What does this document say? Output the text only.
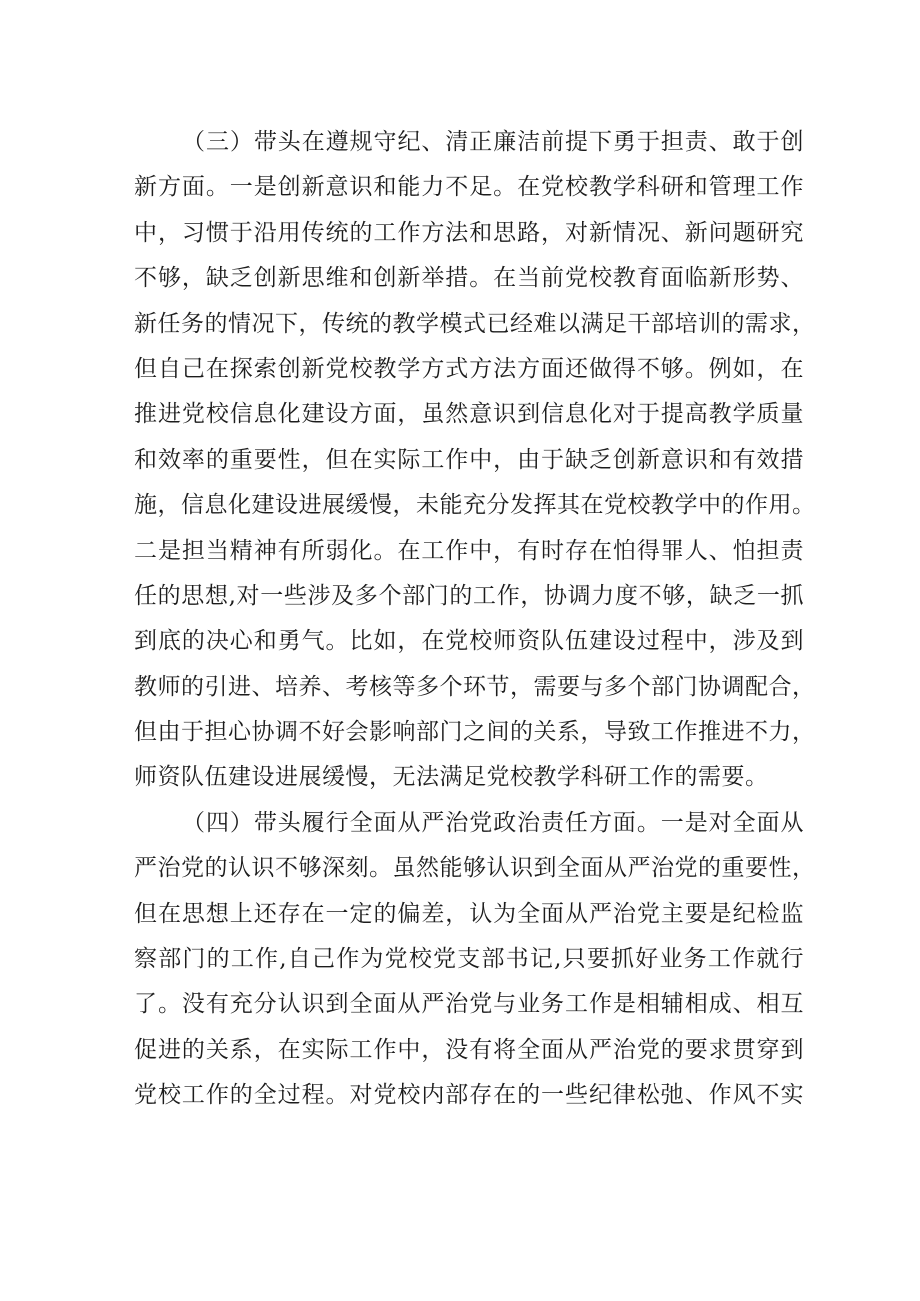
（三）带头在遵规守纪、清正廉洁前提下勇于担责、敢于创
新方面。一是创新意识和能力不足。在党校教学科研和管理工作
中，习惯于沿用传统的工作方法和思路，对新情况、新问题研究
不够，缺乏创新思维和创新举措。在当前党校教育面临新形势、
新任务的情况下，传统的教学模式已经难以满足干部培训的需求，
但自己在探索创新党校教学方式方法方面还做得不够。例如，在
推进党校信息化建设方面，虽然意识到信息化对于提高教学质量
和效率的重要性，但在实际工作中，由于缺乏创新意识和有效措
施，信息化建设进展缓慢，未能充分发挥其在党校教学中的作用。
二是担当精神有所弱化。在工作中，有时存在怕得罪人、怕担责
任的思想,对一些涉及多个部门的工作，协调力度不够，缺乏一抓
到底的决心和勇气。比如，在党校师资队伍建设过程中，涉及到
教师的引进、培养、考核等多个环节，需要与多个部门协调配合，
但由于担心协调不好会影响部门之间的关系，导致工作推进不力，
师资队伍建设进展缓慢，无法满足党校教学科研工作的需要。
（四）带头履行全面从严治党政治责任方面。一是对全面从
严治党的认识不够深刻。虽然能够认识到全面从严治党的重要性，
但在思想上还存在一定的偏差，认为全面从严治党主要是纪检监
察部门的工作,自己作为党校党支部书记,只要抓好业务工作就行
了。没有充分认识到全面从严治党与业务工作是相辅相成、相互
促进的关系，在实际工作中，没有将全面从严治党的要求贯穿到
党校工作的全过程。对党校内部存在的一些纪律松弛、作风不实
